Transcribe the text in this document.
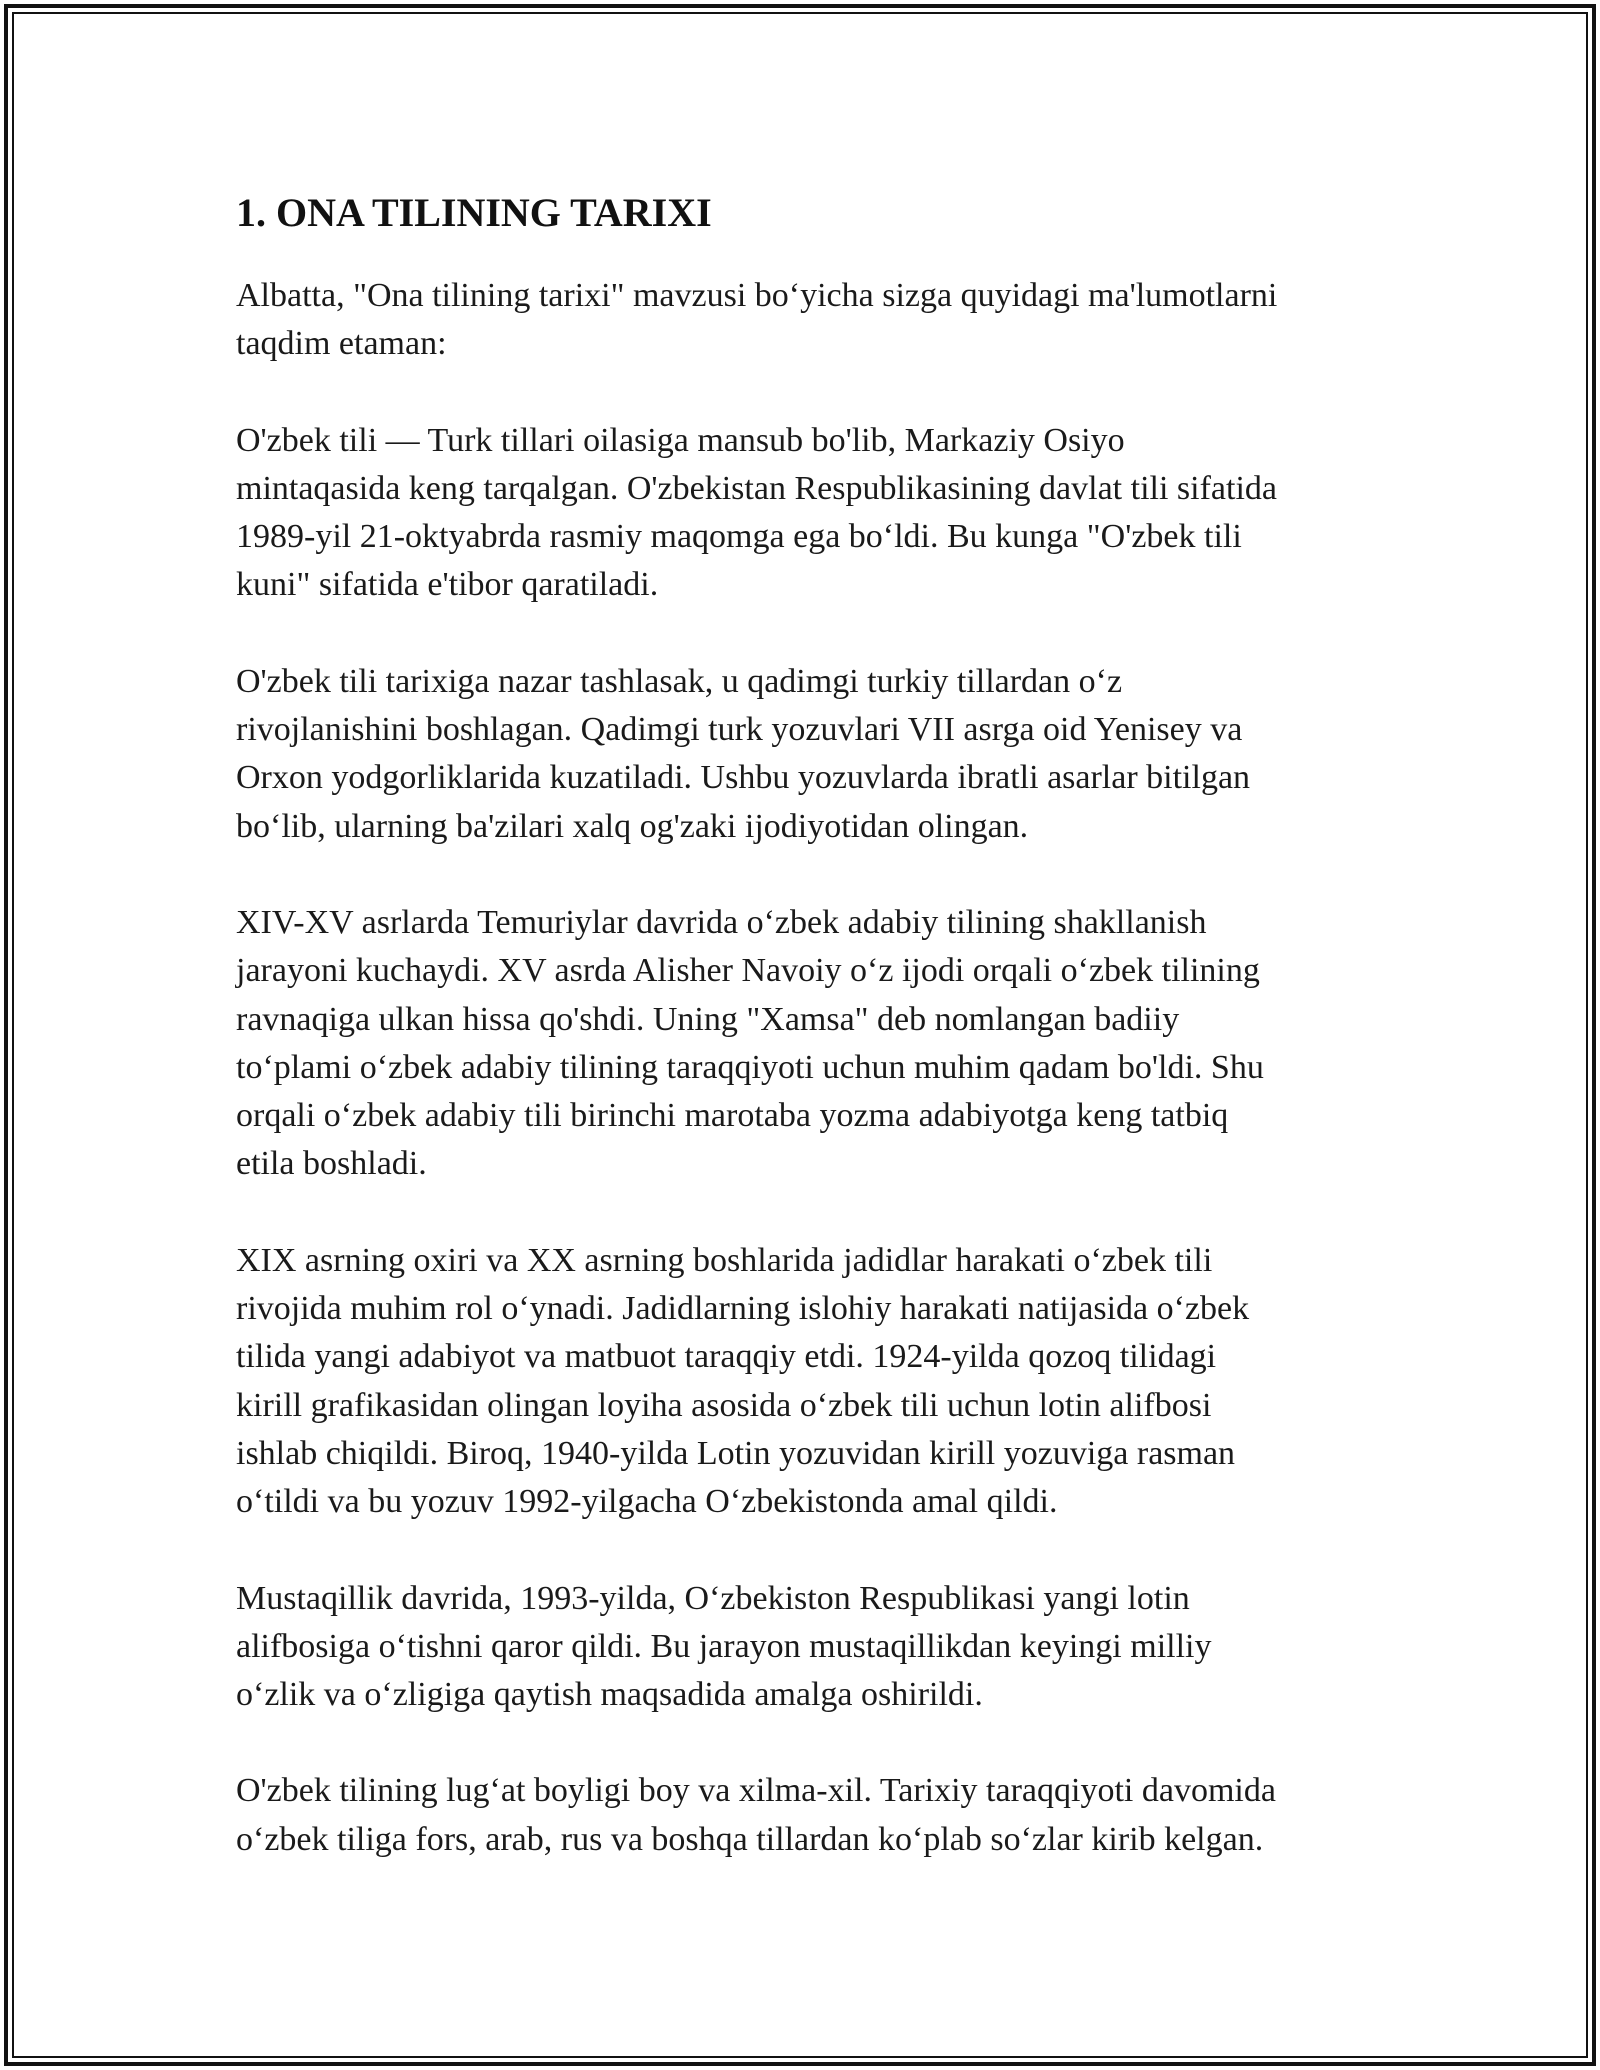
1. ONA TILINING TARIXI

Albatta, "Ona tilining tarixi" mavzusi bo‘yicha sizga quyidagi ma'lumotlarni
taqdim etaman:

O'zbek tili — Turk tillari oilasiga mansub bo'lib, Markaziy Osiyo
mintaqasida keng tarqalgan. O'zbekistan Respublikasining davlat tili sifatida
1989-yil 21-oktyabrda rasmiy maqomga ega bo‘ldi. Bu kunga "O'zbek tili
kuni" sifatida e'tibor qaratiladi.

O'zbek tili tarixiga nazar tashlasak, u qadimgi turkiy tillardan o‘z
rivojlanishini boshlagan. Qadimgi turk yozuvlari VII asrga oid Yenisey va
Orxon yodgorliklarida kuzatiladi. Ushbu yozuvlarda ibratli asarlar bitilgan
bo‘lib, ularning ba'zilari xalq og'zaki ijodiyotidan olingan.

XIV-XV asrlarda Temuriylar davrida o‘zbek adabiy tilining shakllanish
jarayoni kuchaydi. XV asrda Alisher Navoiy o‘z ijodi orqali o‘zbek tilining
ravnaqiga ulkan hissa qo'shdi. Uning "Xamsa" deb nomlangan badiiy
to‘plami o‘zbek adabiy tilining taraqqiyoti uchun muhim qadam bo'ldi. Shu
orqali o‘zbek adabiy tili birinchi marotaba yozma adabiyotga keng tatbiq
etila boshladi.

XIX asrning oxiri va XX asrning boshlarida jadidlar harakati o‘zbek tili
rivojida muhim rol o‘ynadi. Jadidlarning islohiy harakati natijasida o‘zbek
tilida yangi adabiyot va matbuot taraqqiy etdi. 1924-yilda qozoq tilidagi
kirill grafikasidan olingan loyiha asosida o‘zbek tili uchun lotin alifbosi
ishlab chiqildi. Biroq, 1940-yilda Lotin yozuvidan kirill yozuviga rasman
o‘tildi va bu yozuv 1992-yilgacha O‘zbekistonda amal qildi.

Mustaqillik davrida, 1993-yilda, O‘zbekiston Respublikasi yangi lotin
alifbosiga o‘tishni qaror qildi. Bu jarayon mustaqillikdan keyingi milliy
o‘zlik va o‘zligiga qaytish maqsadida amalga oshirildi.

O'zbek tilining lug‘at boyligi boy va xilma-xil. Tarixiy taraqqiyoti davomida
o‘zbek tiliga fors, arab, rus va boshqa tillardan ko‘plab so‘zlar kirib kelgan.
